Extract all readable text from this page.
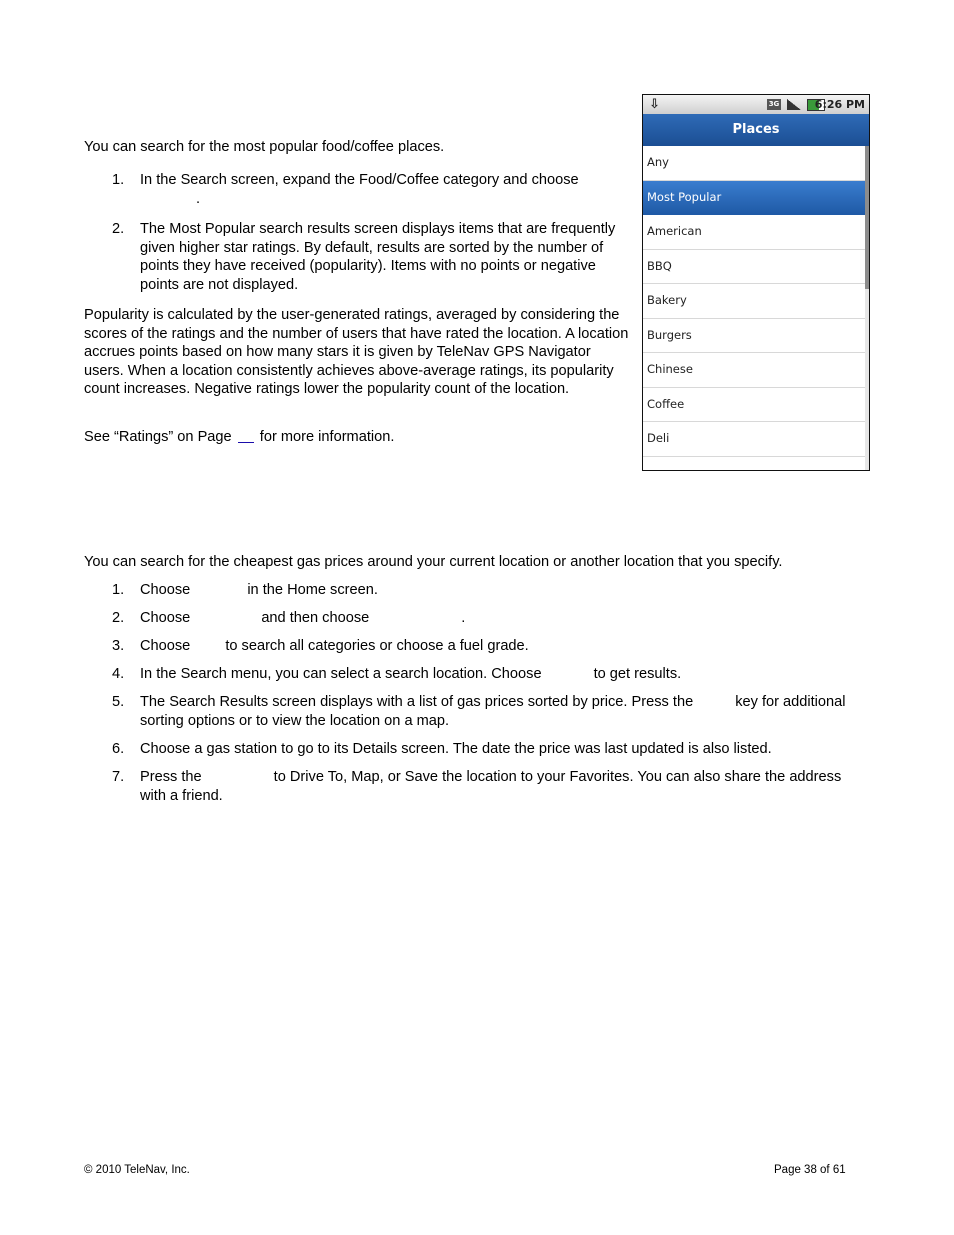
You can search for the most popular food/coffee places.

1.	In the Search screen, expand the Food/Coffee category and choose
.
2.	The Most Popular search results screen displays items that are frequently given higher star ratings. By default, results are sorted by the number of points they have received (popularity). Items with no points or negative points are not displayed.

Popularity is calculated by the user-generated ratings, averaged by considering the scores of the ratings and the number of users that have rated the location. A location accrues points based on how many stars it is given by TeleNav GPS Navigator users. When a location consistently achieves above-average ratings, its popularity count increases. Negative ratings lower the popularity count of the location.

See “Ratings” on Page for more information.

⇩	3G	6:26 PM
Places
Any
Most Popular
American
BBQ
Bakery
Burgers
Chinese
Coffee
Deli

You can search for the cheapest gas prices around your current location or another location that you specify.

1.	Choose	in the Home screen.
2.	Choose	and then choose	.
3.	Choose to search all categories or choose a fuel grade.
4.	In the Search menu, you can select a search location. Choose	to get results.
5.	The Search Results screen displays with a list of gas prices sorted by price. Press the	key for additional
sorting options or to view the location on a map.
6.	Choose a gas station to go to its Details screen. The date the price was last updated is also listed.
7.	Press the	to Drive To, Map, or Save the location to your Favorites. You can also share the address
with a friend.
© 2010 TeleNav, Inc.	Page 38 of 61
